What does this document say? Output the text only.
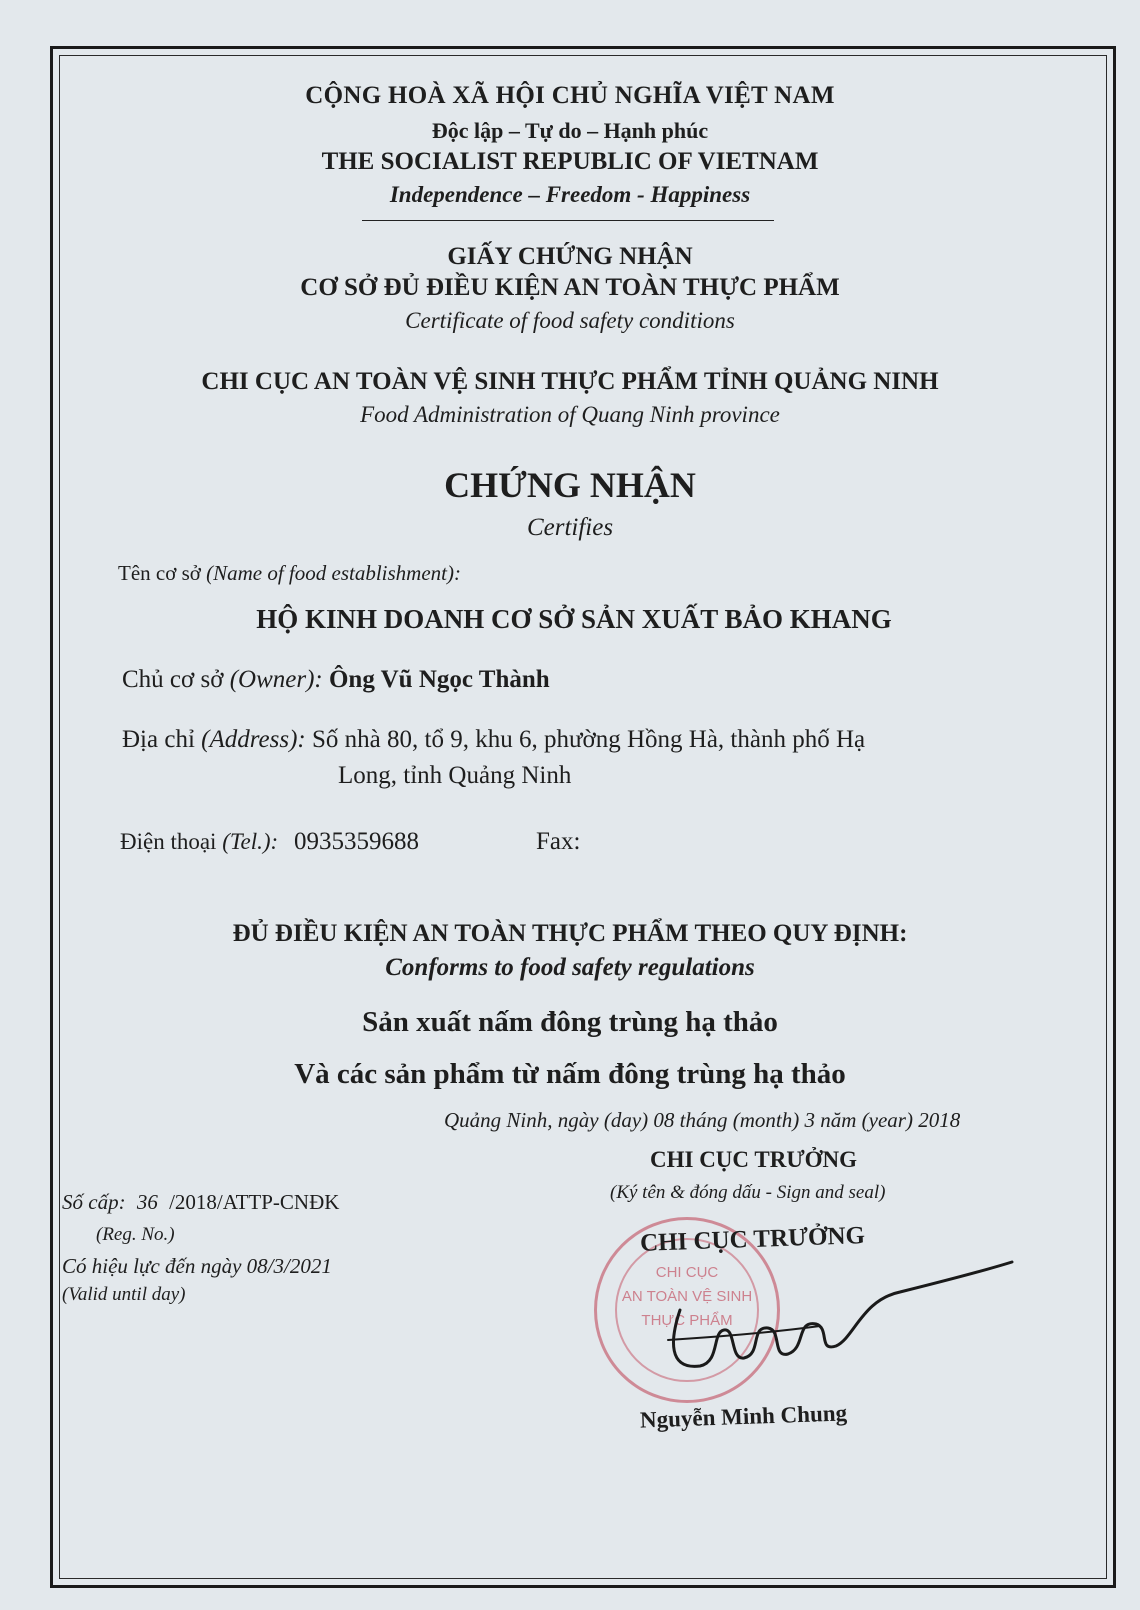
CỘNG HOÀ XÃ HỘI CHỦ NGHĨA VIỆT NAM
Độc lập – Tự do – Hạnh phúc
THE SOCIALIST REPUBLIC OF VIETNAM
Independence – Freedom - Happiness
GIẤY CHỨNG NHẬN
CƠ SỞ ĐỦ ĐIỀU KIỆN AN TOÀN THỰC PHẨM
Certificate of food safety conditions
CHI CỤC AN TOÀN VỆ SINH THỰC PHẨM TỈNH QUẢNG NINH
Food Administration of Quang Ninh province
CHỨNG NHẬN
Certifies
Tên cơ sở (Name of food establishment):
HỘ KINH DOANH CƠ SỞ SẢN XUẤT BẢO KHANG
Chủ cơ sở (Owner): Ông Vũ Ngọc Thành
Địa chỉ (Address): Số nhà 80, tổ 9, khu 6, phường Hồng Hà, thành phố Hạ
Long, tỉnh Quảng Ninh
Điện thoại (Tel.): 0935359688	Fax:
ĐỦ ĐIỀU KIỆN AN TOÀN THỰC PHẨM THEO QUY ĐỊNH:
Conforms to food safety regulations
Sản xuất nấm đông trùng hạ thảo
Và các sản phẩm từ nấm đông trùng hạ thảo
Quảng Ninh, ngày (day) 08 tháng (month) 3 năm (year) 2018
CHI CỤC TRƯỞNG
(Ký tên & đóng dấu - Sign and seal)
Số cấp: 36 /2018/ATTP-CNĐK
(Reg. No.)
Có hiệu lực đến ngày 08/3/2021
(Valid until day)
CHI CỤC
AN TOÀN VỆ SINH
THỰC PHẨM
CHI CỤC TRƯỞNG
Nguyễn Minh Chung
